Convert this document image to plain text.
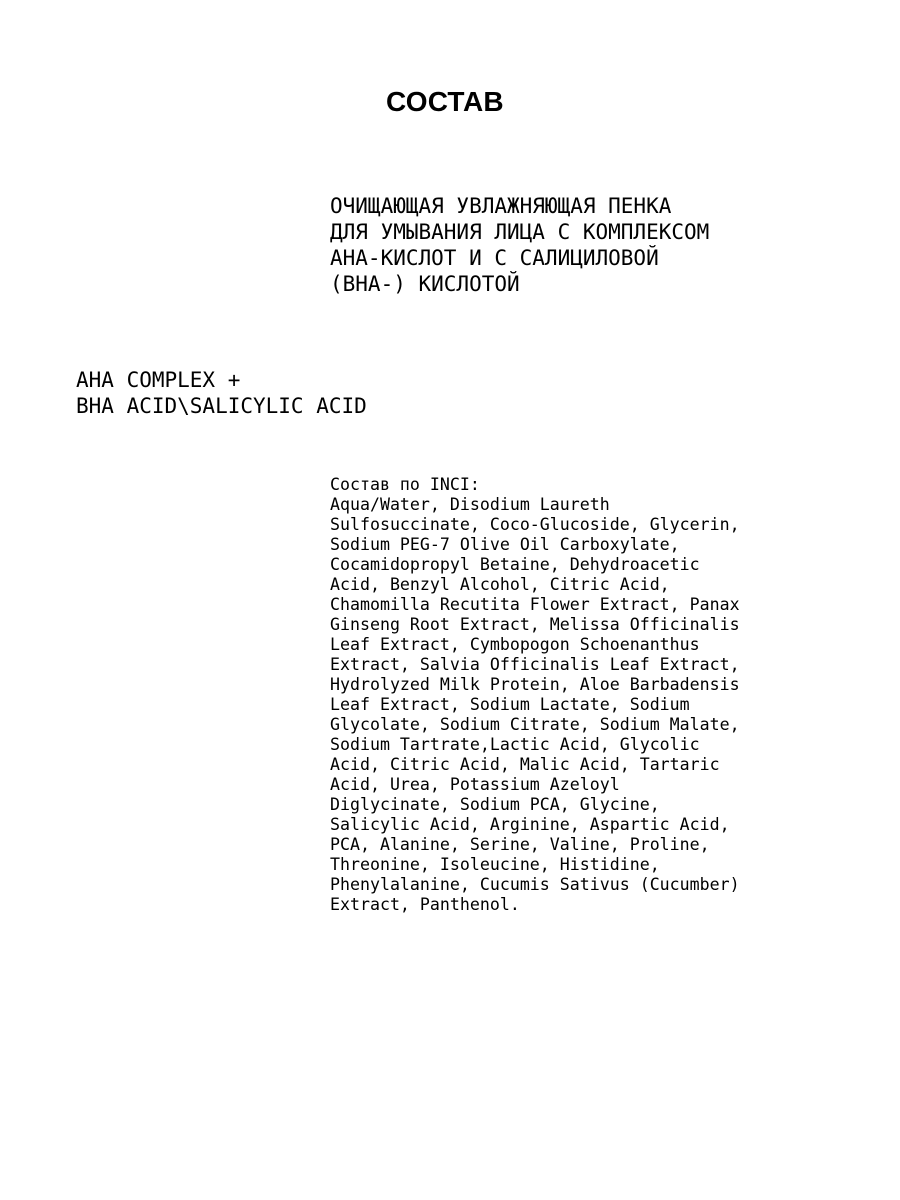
СОСТАВ
ОЧИЩАЮЩАЯ УВЛАЖНЯЮЩАЯ ПЕНКА
ДЛЯ УМЫВАНИЯ ЛИЦА С КОМПЛЕКСОМ
АНА-КИСЛОТ И С САЛИЦИЛОВОЙ
(ВНА-) КИСЛОТОЙ
AHA COMPLEX +
BHA ACID\SALICYLIC ACID
Состав по INCI:
Aqua/Water, Disodium Laureth
Sulfosuccinate, Coco-Glucoside, Glycerin,
Sodium PEG-7 Olive Oil Carboxylate,
Cocamidopropyl Betaine, Dehydroacetic
Acid, Benzyl Alcohol, Citric Acid,
Chamomilla Recutita Flower Extract, Panax
Ginseng Root Extract, Melissa Officinalis
Leaf Extract, Cymbopogon Schoenanthus
Extract, Salvia Officinalis Leaf Extract,
Hydrolyzed Milk Protein, Aloe Barbadensis
Leaf Extract, Sodium Lactate, Sodium
Glycolate, Sodium Citrate, Sodium Malate,
Sodium Tartrate,Lactic Acid, Glycolic
Acid, Citric Acid, Malic Acid, Tartaric
Acid, Urea, Potassium Azeloyl
Diglycinate, Sodium PCA, Glycine,
Salicylic Acid, Arginine, Aspartic Acid,
PCA, Alanine, Serine, Valine, Proline,
Threonine, Isoleucine, Histidine,
Phenylalanine, Cucumis Sativus (Cucumber)
Extract, Panthenol.
